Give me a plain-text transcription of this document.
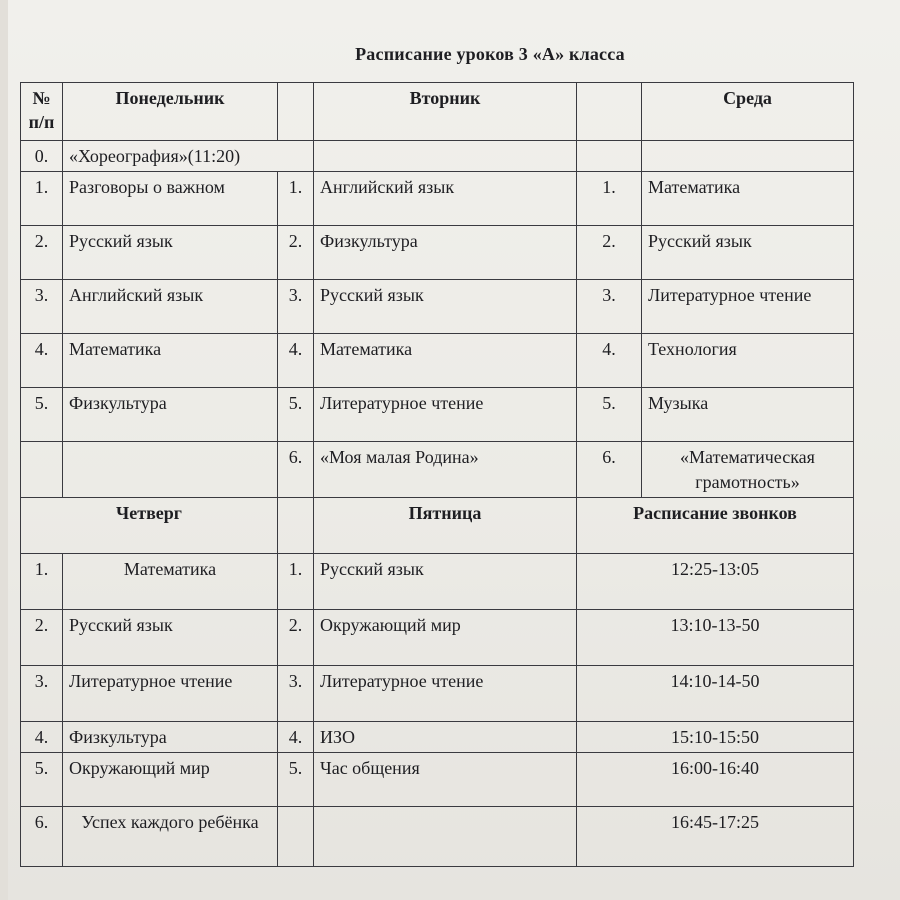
Расписание уроков 3 «А» класса
№
п/п	Понедельник		Вторник		Среда
0.	«Хореография»(11:20)				
1.	Разговоры о важном	1.	Английский язык	1.	Математика
2.	Русский язык	2.	Физкультура	2.	Русский язык
3.	Английский язык	3.	Русский язык	3.	Литературное чтение
4.	Математика	4.	Математика	4.	Технология
5.	Физкультура	5.	Литературное чтение	5.	Музыка
		6.	«Моя малая Родина»	6.	«Математическая грамотность»
Четверг			Пятница	Расписание звонков	
1.	Математика	1.	Русский язык	12:25-13:05	
2.	Русский язык	2.	Окружающий мир	13:10-13-50	
3.	Литературное чтение	3.	Литературное чтение	14:10-14-50	
4.	Физкультура	4.	ИЗО	15:10-15:50	
5.	Окружающий мир	5.	Час общения	16:00-16:40	
6.	Успех каждого ребёнка			16:45-17:25	
